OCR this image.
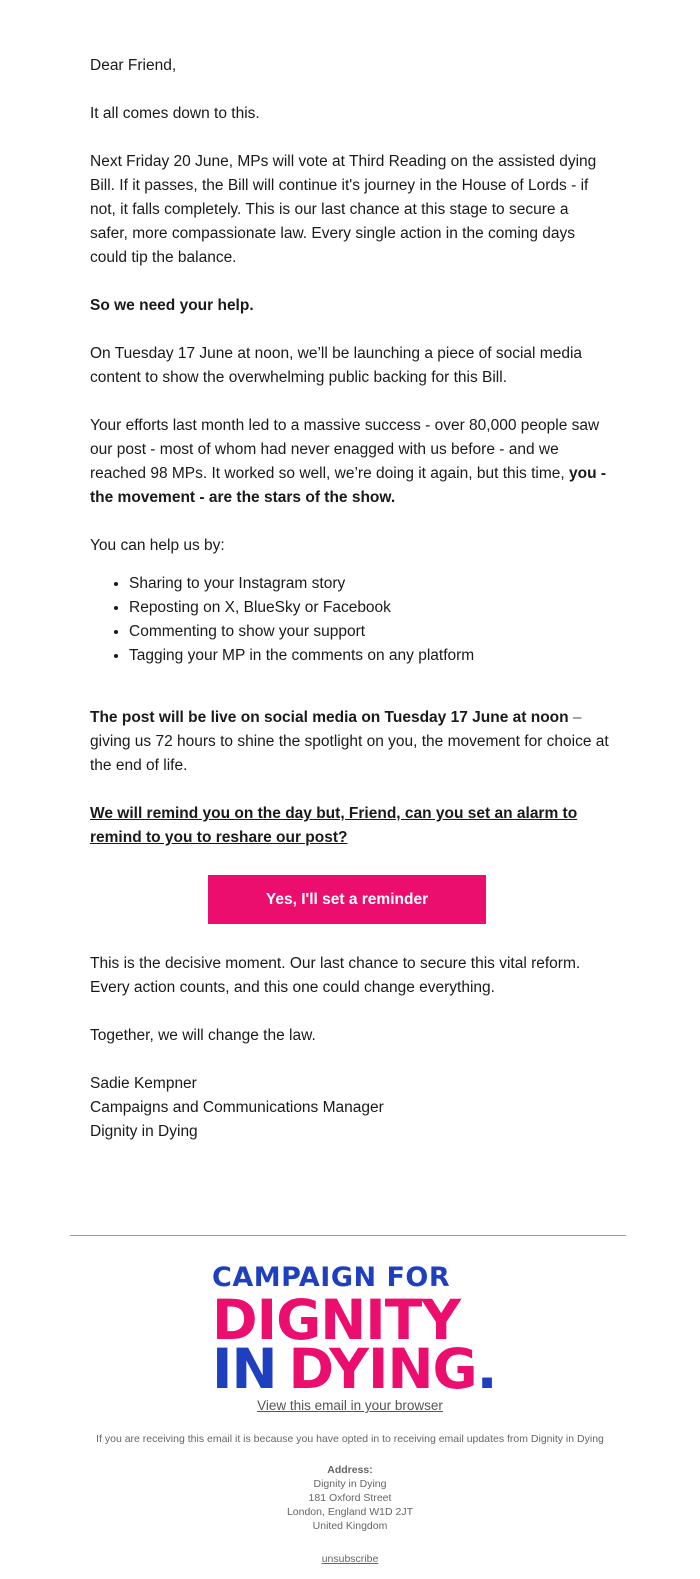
Dear Friend,

It all comes down to this.

Next Friday 20 June, MPs will vote at Third Reading on the assisted dying Bill. If it passes, the Bill will continue it's journey in the House of Lords - if not, it falls completely. This is our last chance at this stage to secure a safer, more compassionate law. Every single action in the coming days could tip the balance.

So we need your help.

On Tuesday 17 June at noon, we’ll be launching a piece of social media content to show the overwhelming public backing for this Bill.

Your efforts last month led to a massive success - over 80,000 people saw our post - most of whom had never enagged with us before - and we reached 98 MPs. It worked so well, we’re doing it again, but this time, you - the movement - are the stars of the show.

You can help us by:

• Sharing to your Instagram story
• Reposting on X, BlueSky or Facebook
• Commenting to show your support
• Tagging your MP in the comments on any platform

The post will be live on social media on Tuesday 17 June at noon – giving us 72 hours to shine the spotlight on you, the movement for choice at the end of life.

We will remind you on the day but, Friend, can you set an alarm to remind to you to reshare our post?

Yes, I'll set a reminder

This is the decisive moment. Our last chance to secure this vital reform. Every action counts, and this one could change everything.

Together, we will change the law.

Sadie Kempner
Campaigns and Communications Manager
Dignity in Dying
CAMPAIGN FOR
DIGNITY
IN DYING.
View this email in your browser
If you are receiving this email it is because you have opted in to receiving email updates from Dignity in Dying
Address:
Dignity in Dying
181 Oxford Street
London, England W1D 2JT
United Kingdom
unsubscribe
